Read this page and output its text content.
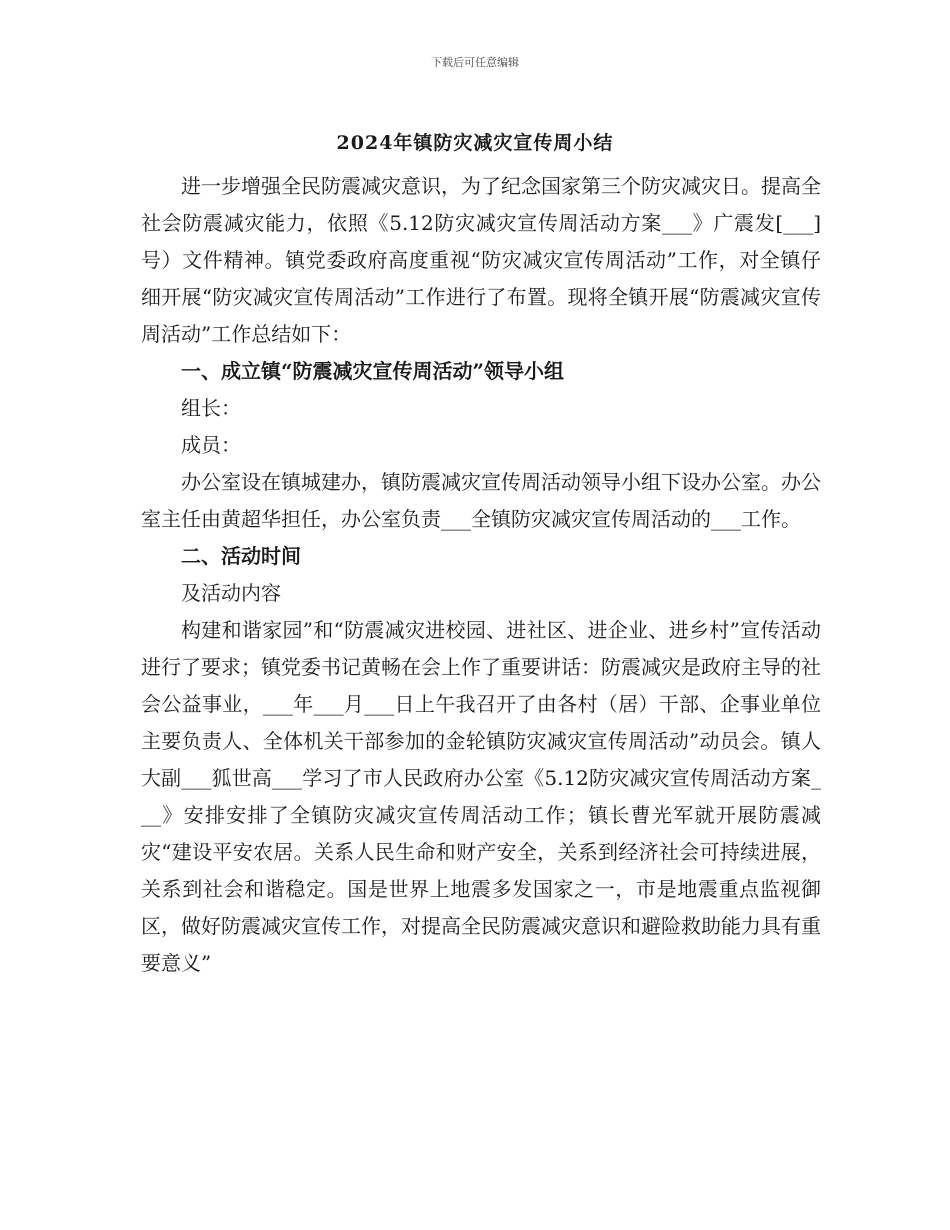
下载后可任意编辑
2024年镇防灾减灾宣传周小结

进一步增强全民防震减灾意识，为了纪念国家第三个防灾减灾日。提高全社会防震减灾能力，依照《5.12防灾减灾宣传周活动方案___》广震发[___]号）文件精神。镇党委政府高度重视“防灾减灾宣传周活动”工作，对全镇仔细开展“防灾减灾宣传周活动”工作进行了布置。现将全镇开展“防震减灾宣传周活动”工作总结如下：

一、成立镇“防震减灾宣传周活动”领导小组

组长：

成员：

办公室设在镇城建办，镇防震减灾宣传周活动领导小组下设办公室。办公室主任由黄超华担任，办公室负责___全镇防灾减灾宣传周活动的___工作。

二、活动时间

及活动内容

构建和谐家园”和“防震减灾进校园、进社区、进企业、进乡村”宣传活动进行了要求；镇党委书记黄畅在会上作了重要讲话：防震减灾是政府主导的社会公益事业，___年___月___日上午我召开了由各村（居）干部、企事业单位主要负责人、全体机关干部参加的金轮镇防灾减灾宣传周活动”动员会。镇人大副___狐世高___学习了市人民政府办公室《5.12防灾减灾宣传周活动方案___》安排安排了全镇防灾减灾宣传周活动工作；镇长曹光军就开展防震减灾“建设平安农居。关系人民生命和财产安全，关系到经济社会可持续进展，关系到社会和谐稳定。国是世界上地震多发国家之一，市是地震重点监视御区，做好防震减灾宣传工作，对提高全民防震减灾意识和避险救助能力具有重要意义”
